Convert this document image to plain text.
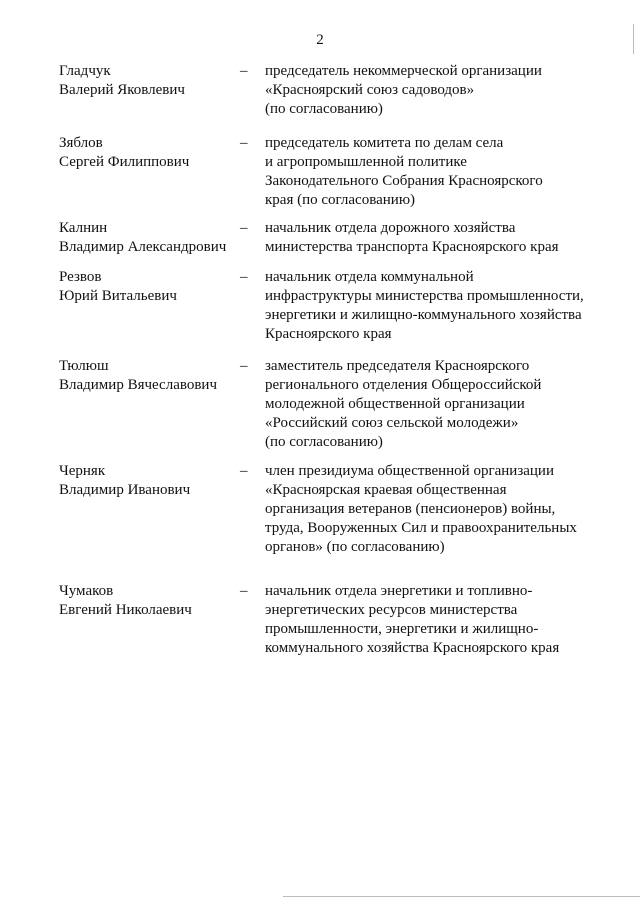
2
Гладчук
Валерий Яковлевич
– председатель некоммерческой организации
«Красноярский союз садоводов»
(по согласованию)
Зяблов
Сергей Филиппович
– председатель комитета по делам села
и агропромышленной политике
Законодательного Собрания Красноярского
края (по согласованию)
Калнин
Владимир Александрович
– начальник отдела дорожного хозяйства
министерства транспорта Красноярского края
Резвов
Юрий Витальевич
– начальник отдела коммунальной
инфраструктуры министерства промышленности,
энергетики и жилищно-коммунального хозяйства
Красноярского края
Тюлюш
Владимир Вячеславович
– заместитель председателя Красноярского
регионального отделения Общероссийской
молодежной общественной организации
«Российский союз сельской молодежи»
(по согласованию)
Черняк
Владимир Иванович
– член президиума общественной организации
«Красноярская краевая общественная
организация ветеранов (пенсионеров) войны,
труда, Вооруженных Сил и правоохранительных
органов» (по согласованию)
Чумаков
Евгений Николаевич
– начальник отдела энергетики и топливно-
энергетических ресурсов министерства
промышленности, энергетики и жилищно-
коммунального хозяйства Красноярского края
